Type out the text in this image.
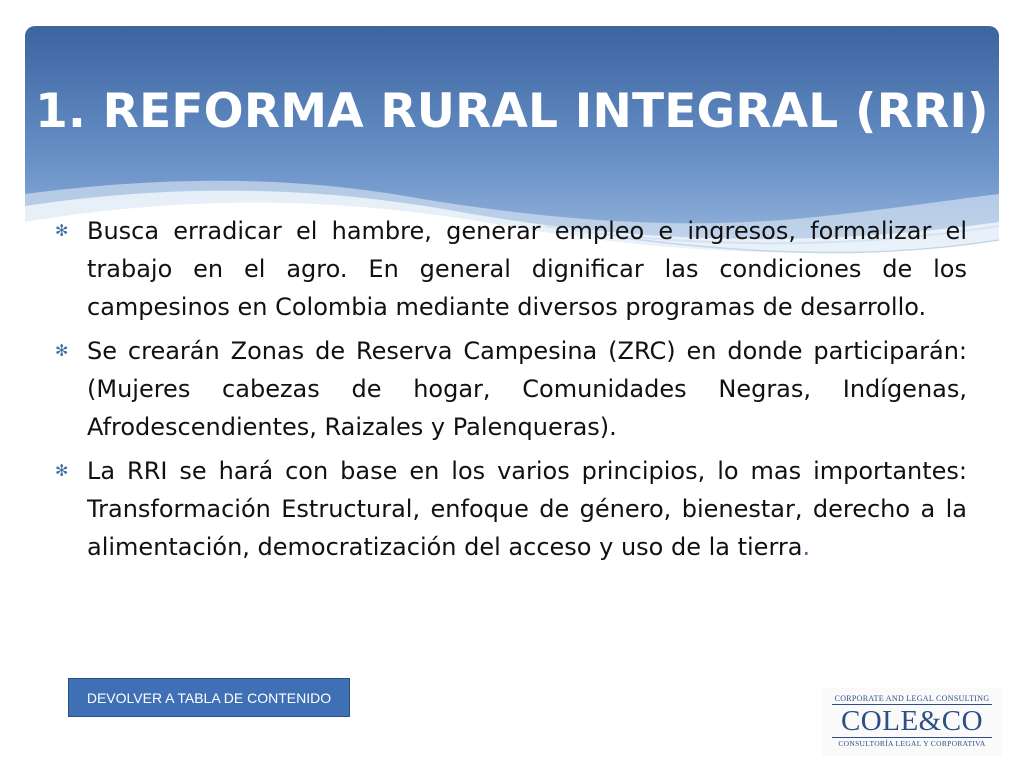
1. REFORMA RURAL INTEGRAL (RRI)
✻ Busca erradicar el hambre, generar empleo e ingresos, formalizar el trabajo en el agro. En general dignificar las condiciones de los campesinos en Colombia mediante diversos programas de desarrollo.
✻ Se crearán Zonas de Reserva Campesina (ZRC) en donde participarán: (Mujeres cabezas de hogar, Comunidades Negras, Indígenas, Afrodescendientes, Raizales y Palenqueras).
✻ La RRI se hará con base en los varios principios, lo mas importantes: Transformación Estructural, enfoque de género, bienestar, derecho a la alimentación, democratización del acceso y uso de la tierra.
DEVOLVER A TABLA DE CONTENIDO	CORPORATE AND LEGAL CONSULTING
COLE&CO
CONSULTORÍA LEGAL Y CORPORATIVA
